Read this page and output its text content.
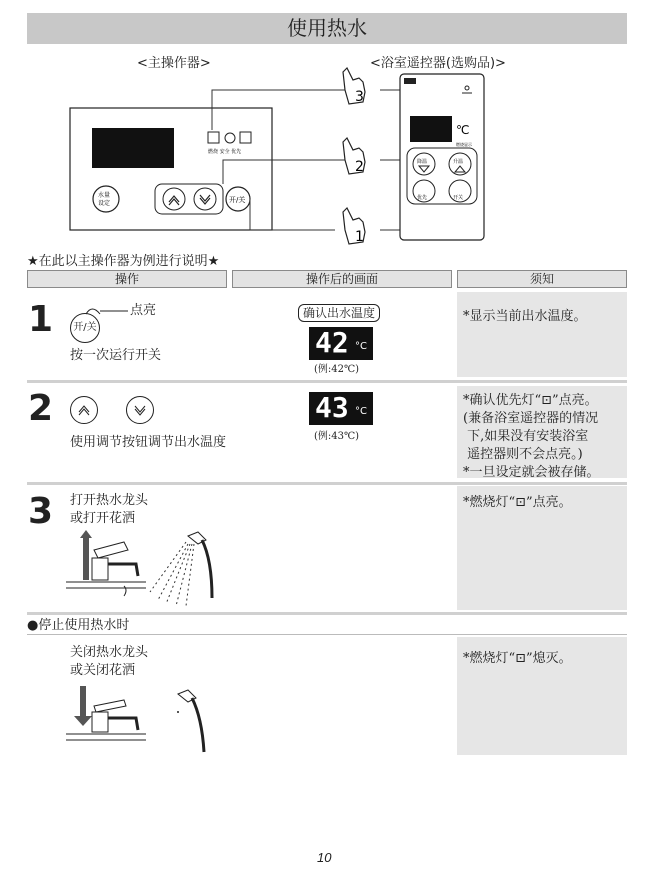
使用热水
<主操作器>	<浴室遥控器(选购品)>
燃烧 安全 优先
水量
设定	开/关
3
2
1
℃
燃烧显示
降温	升温
优先	开关
★在此以主操作器为例进行说明★
操作	操作后的画面	须知
1 开/关
点亮
按一次运行开关
确认出水温度
42 °C
(例:42℃)
*显示当前出水温度。
2
使用调节按钮调节出水温度
43 °C
(例:43℃)
*确认优先灯“⊡”点亮。
(兼备浴室遥控器的情况
下,如果没有安装浴室
遥控器则不会点亮。)
*一旦设定就会被存储。
3 打开热水龙头
或打开花洒
热水
*燃烧灯“⊡”点亮。
●停止使用热水时
关闭热水龙头
或关闭花洒
*燃烧灯“⊡”熄灭。
10
